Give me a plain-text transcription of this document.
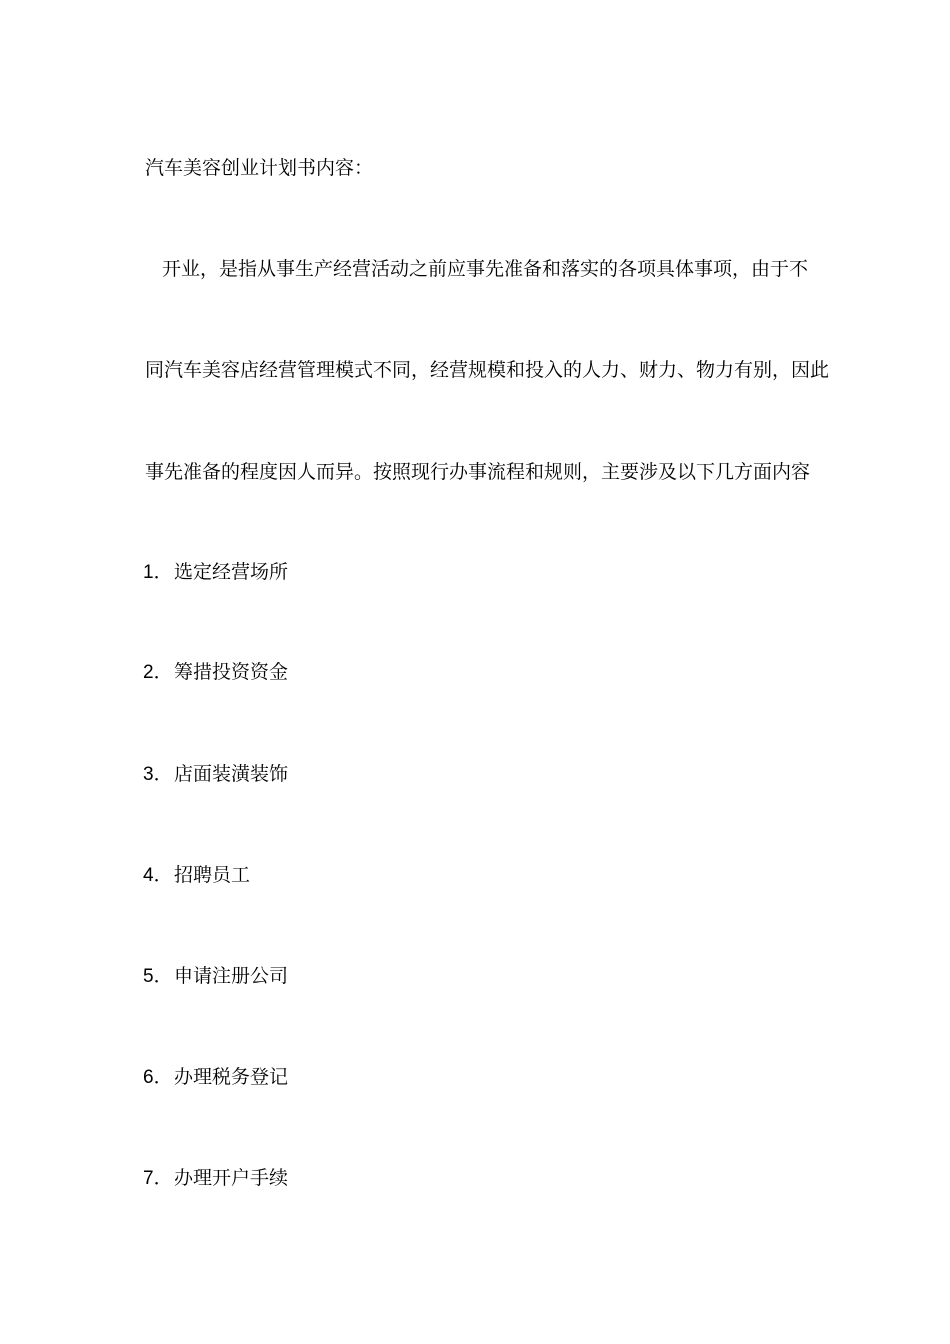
汽车美容创业计划书内容：
开业，是指从事生产经营活动之前应事先准备和落实的各项具体事项，由于不
同汽车美容店经营管理模式不同，经营规模和投入的人力、财力、物力有别，因此
事先准备的程度因人而异。按照现行办事流程和规则，主要涉及以下几方面内容
1．选定经营场所
2．筹措投资资金
3．店面装潢装饰
4．招聘员工
5．申请注册公司
6．办理税务登记
7．办理开户手续
